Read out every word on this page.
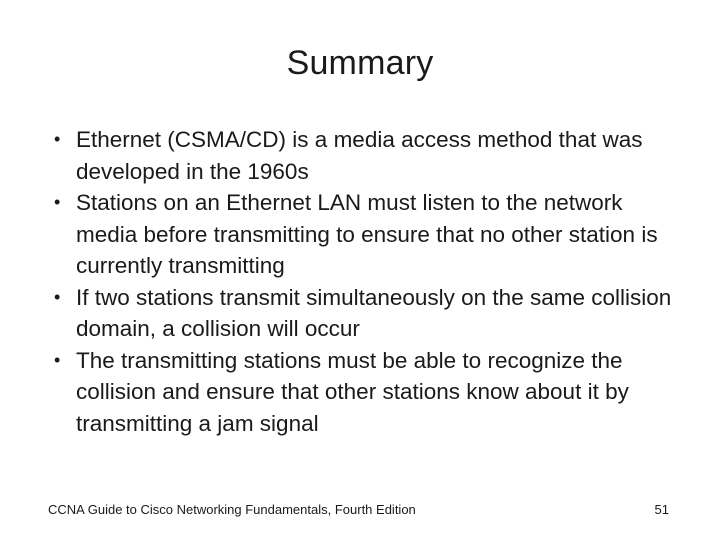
Summary
• Ethernet (CSMA/CD) is a media access method that was developed in the 1960s
• Stations on an Ethernet LAN must listen to the network media before transmitting to ensure that no other station is currently transmitting
• If two stations transmit simultaneously on the same collision domain, a collision will occur
• The transmitting stations must be able to recognize the collision and ensure that other stations know about it by transmitting a jam signal
CCNA Guide to Cisco Networking Fundamentals, Fourth Edition	51
